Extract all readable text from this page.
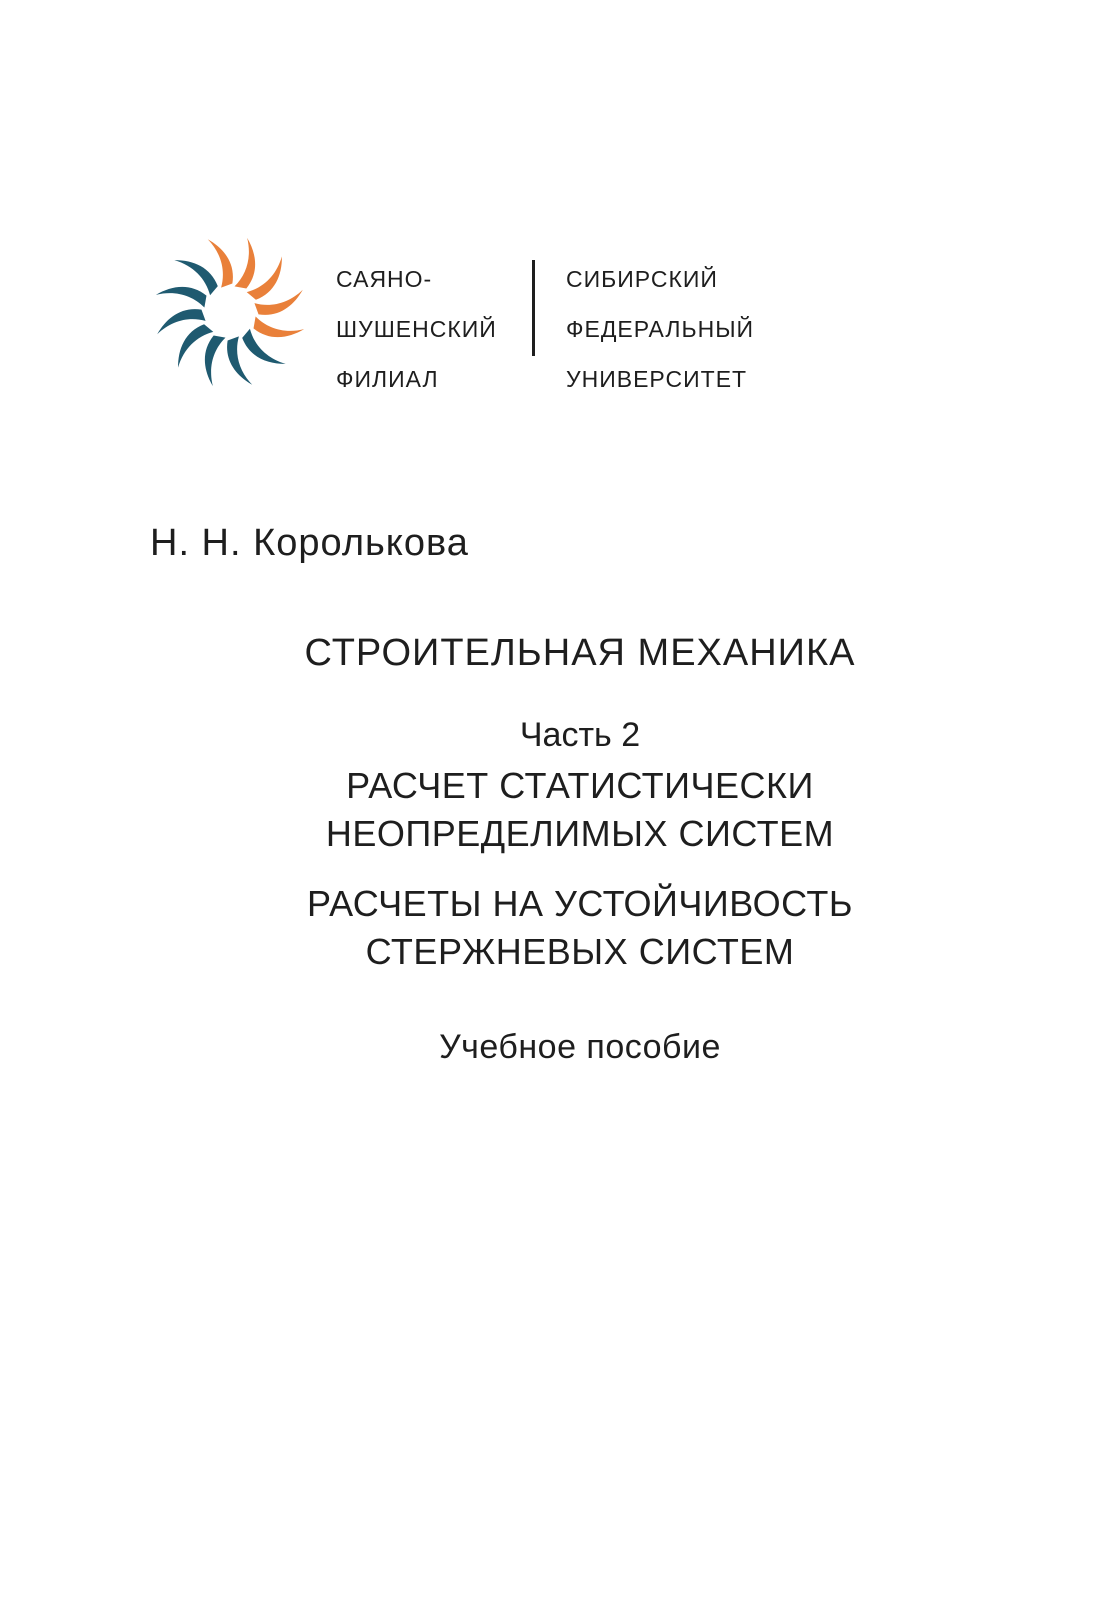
САЯНО-
ШУШЕНСКИЙ
ФИЛИАЛ
СИБИРСКИЙ
ФЕДЕРАЛЬНЫЙ
УНИВЕРСИТЕТ
Н. Н. Королькова
СТРОИТЕЛЬНАЯ МЕХАНИКА
Часть 2
РАСЧЕТ СТАТИСТИЧЕСКИ
НЕОПРЕДЕЛИМЫХ СИСТЕМ
РАСЧЕТЫ НА УСТОЙЧИВОСТЬ
СТЕРЖНЕВЫХ СИСТЕМ
Учебное пособие
